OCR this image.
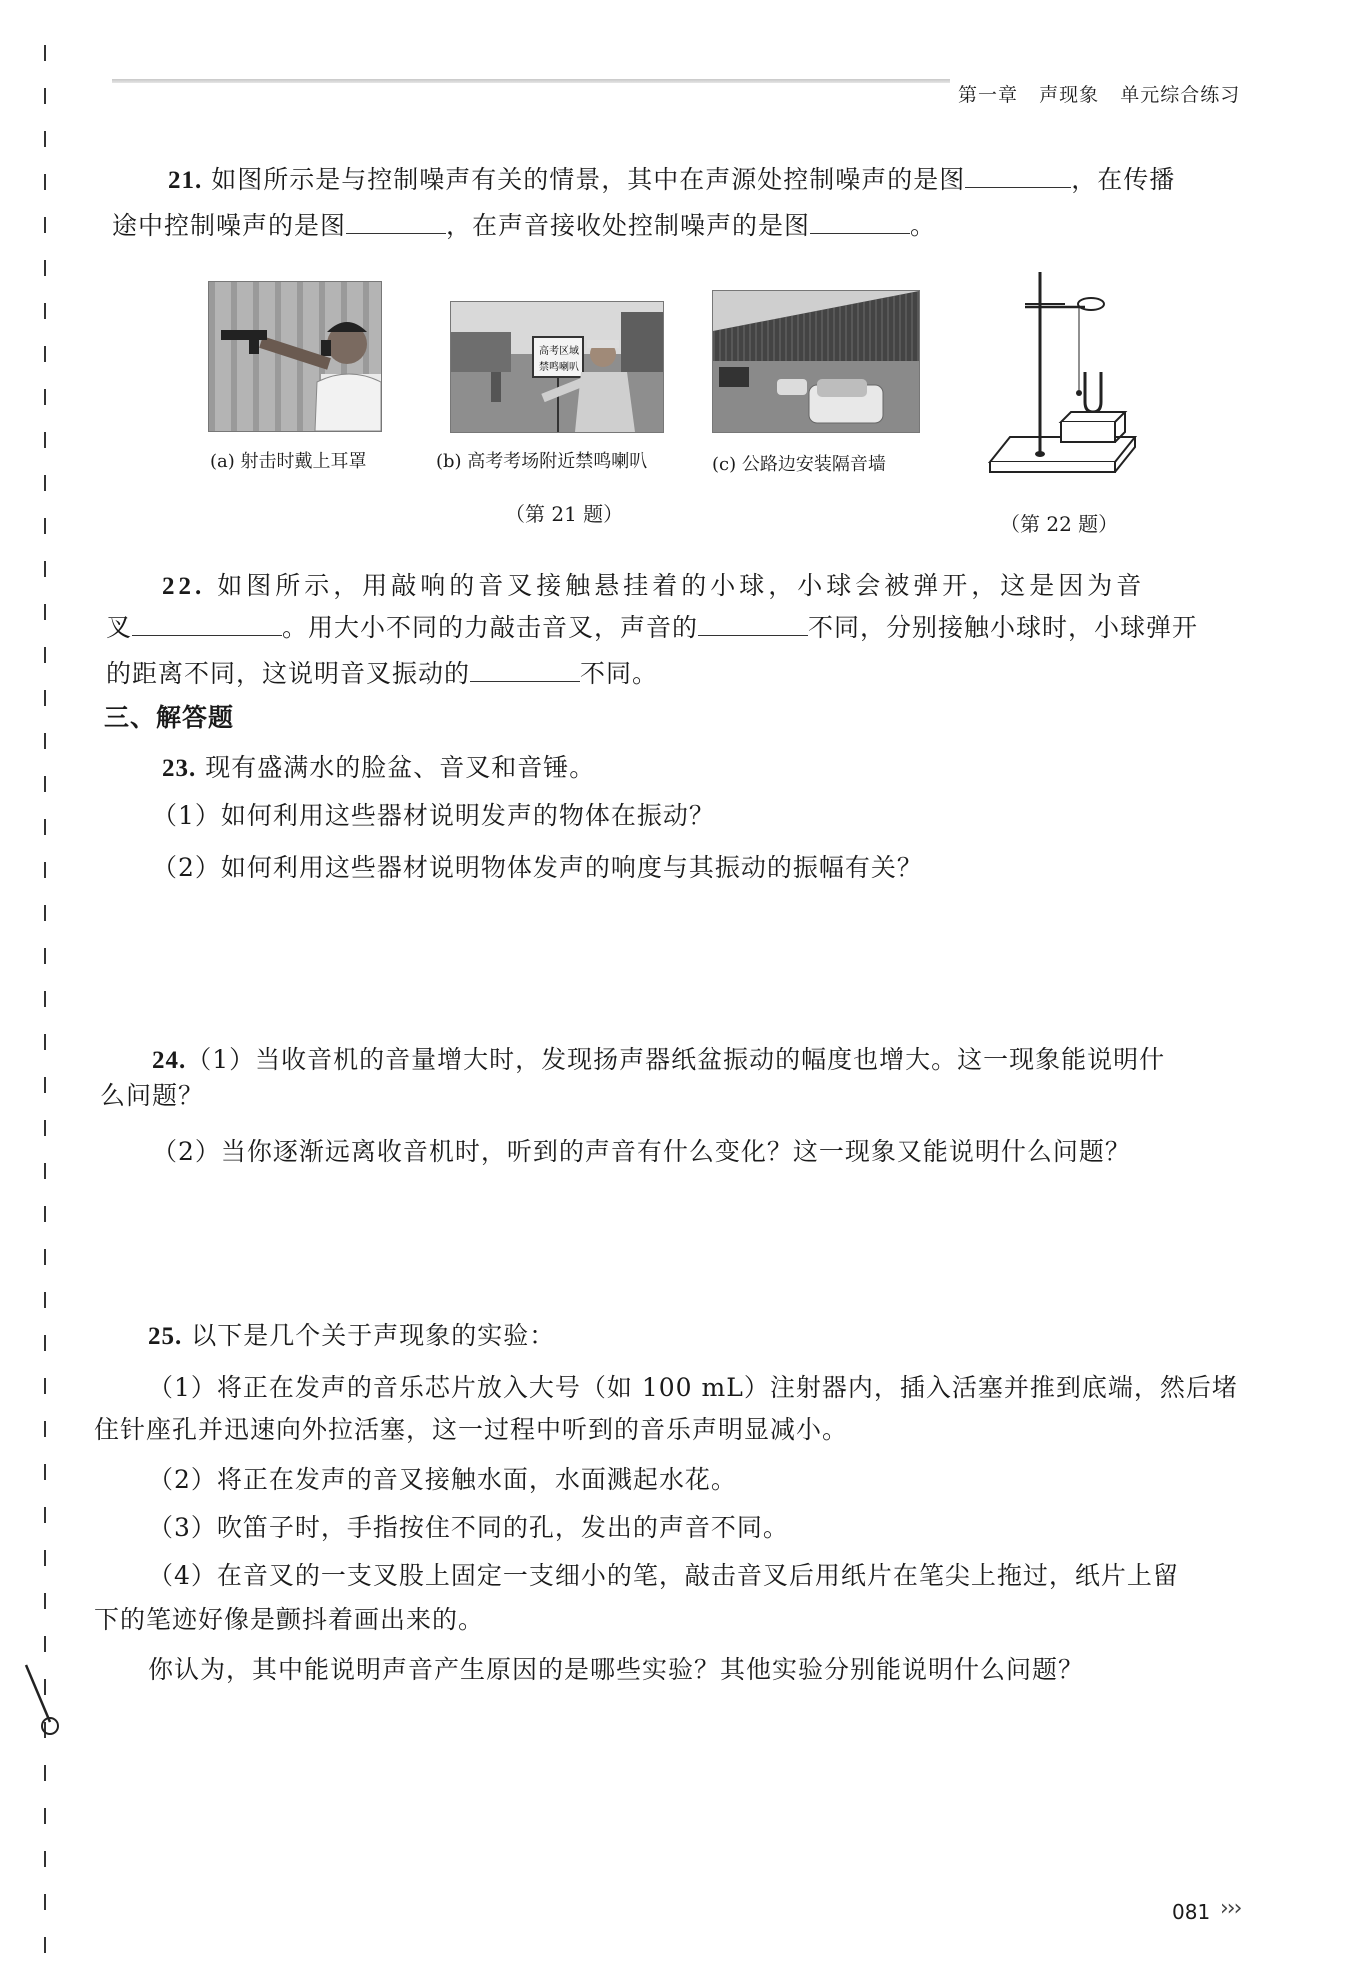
第一章 声现象 单元综合练习
21. 如图所示是与控制噪声有关的情景，其中在声源处控制噪声的是图	，在传播
途中控制噪声的是图	，在声音接收处控制噪声的是图	。
(a) 射击时戴上耳罩
高考区域
禁鸣喇叭
(b) 高考考场附近禁鸣喇叭	(c) 公路边安装隔音墙
（第 21 题）	（第 22 题）
22. 如图所示，用敲响的音叉接触悬挂着的小球，小球会被弹开，这是因为音
叉	。用大小不同的力敲击音叉，声音的	不同，分别接触小球时，小球弹开
的距离不同，这说明音叉振动的	不同。
三、解答题
23. 现有盛满水的脸盆、音叉和音锤。
（1）如何利用这些器材说明发声的物体在振动？
（2）如何利用这些器材说明物体发声的响度与其振动的振幅有关？
24.（1）当收音机的音量增大时，发现扬声器纸盆振动的幅度也增大。这一现象能说明什
么问题？
（2）当你逐渐远离收音机时，听到的声音有什么变化？这一现象又能说明什么问题？
25. 以下是几个关于声现象的实验：
（1）将正在发声的音乐芯片放入大号（如 100 mL）注射器内，插入活塞并推到底端，然后堵
住针座孔并迅速向外拉活塞，这一过程中听到的音乐声明显减小。
（2）将正在发声的音叉接触水面，水面溅起水花。
（3）吹笛子时，手指按住不同的孔，发出的声音不同。
（4）在音叉的一支叉股上固定一支细小的笔，敲击音叉后用纸片在笔尖上拖过，纸片上留
下的笔迹好像是颤抖着画出来的。
你认为，其中能说明声音产生原因的是哪些实验？其他实验分别能说明什么问题？
081 ›››
